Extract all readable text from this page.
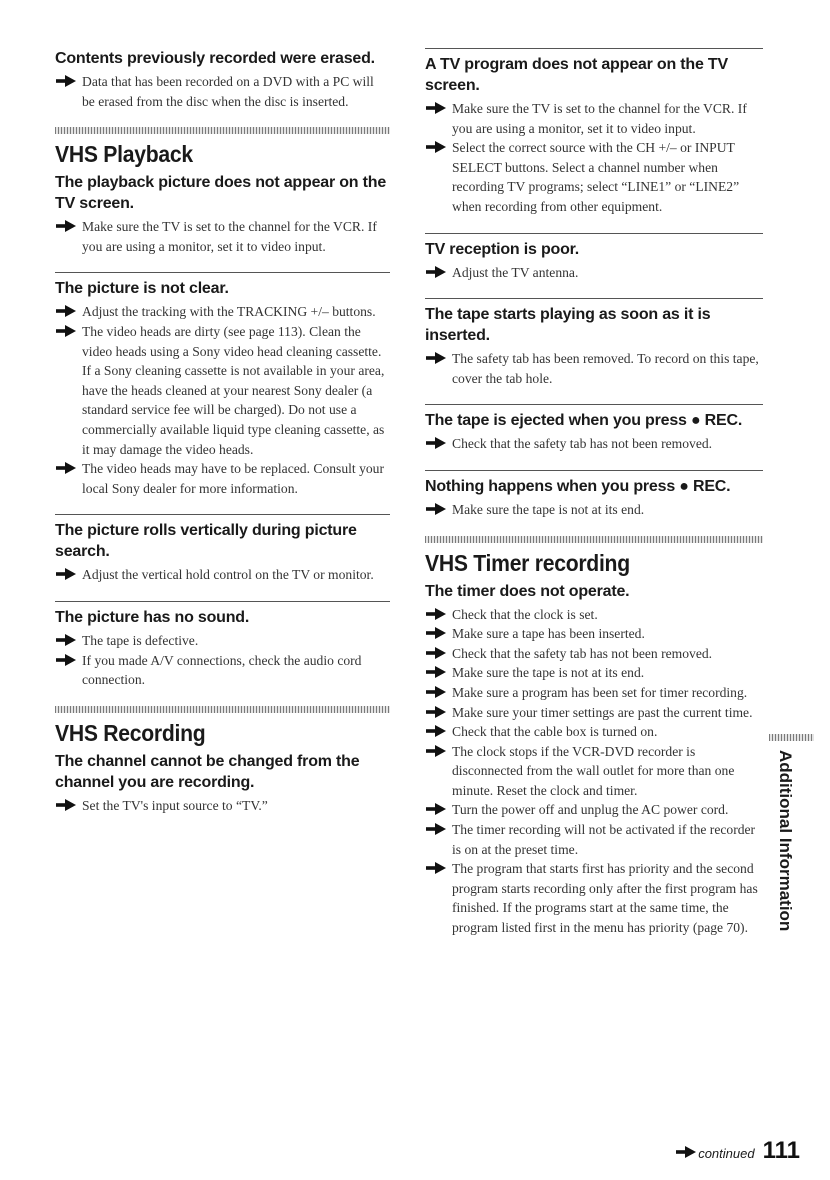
Contents previously recorded were erased.
Data that has been recorded on a DVD with a PC will be erased from the disc when the disc is inserted.
VHS Playback
The playback picture does not appear on the TV screen.
Make sure the TV is set to the channel for the VCR. If you are using a monitor, set it to video input.
The picture is not clear.
Adjust the tracking with the TRACKING +/– buttons.
The video heads are dirty (see page 113). Clean the video heads using a Sony video head cleaning cassette. If a Sony cleaning cassette is not available in your area, have the heads cleaned at your nearest Sony dealer (a standard service fee will be charged). Do not use a commercially available liquid type cleaning cassette, as it may damage the video heads.
The video heads may have to be replaced. Consult your local Sony dealer for more information.
The picture rolls vertically during picture search.
Adjust the vertical hold control on the TV or monitor.
The picture has no sound.
The tape is defective.
If you made A/V connections, check the audio cord connection.
VHS Recording
The channel cannot be changed from the channel you are recording.
Set the TV's input source to “TV.”
A TV program does not appear on the TV screen.
Make sure the TV is set to the channel for the VCR. If you are using a monitor, set it to video input.
Select the correct source with the CH +/– or INPUT SELECT buttons. Select a channel number when recording TV programs; select “LINE1” or “LINE2” when recording from other equipment.
TV reception is poor.
Adjust the TV antenna.
The tape starts playing as soon as it is inserted.
The safety tab has been removed. To record on this tape, cover the tab hole.
The tape is ejected when you press ● REC.
Check that the safety tab has not been removed.
Nothing happens when you press ● REC.
Make sure the tape is not at its end.
VHS Timer recording
The timer does not operate.
Check that the clock is set.
Make sure a tape has been inserted.
Check that the safety tab has not been removed.
Make sure the tape is not at its end.
Make sure a program has been set for timer recording.
Make sure your timer settings are past the current time.
Check that the cable box is turned on.
The clock stops if the VCR-DVD recorder is disconnected from the wall outlet for more than one minute. Reset the clock and timer.
Turn the power off and unplug the AC power cord.
The timer recording will not be activated if the recorder is on at the preset time.
The program that starts first has priority and the second program starts recording only after the first program has finished. If the programs start at the same time, the program listed first in the menu has priority (page 70).	Additional Information
continued 111
